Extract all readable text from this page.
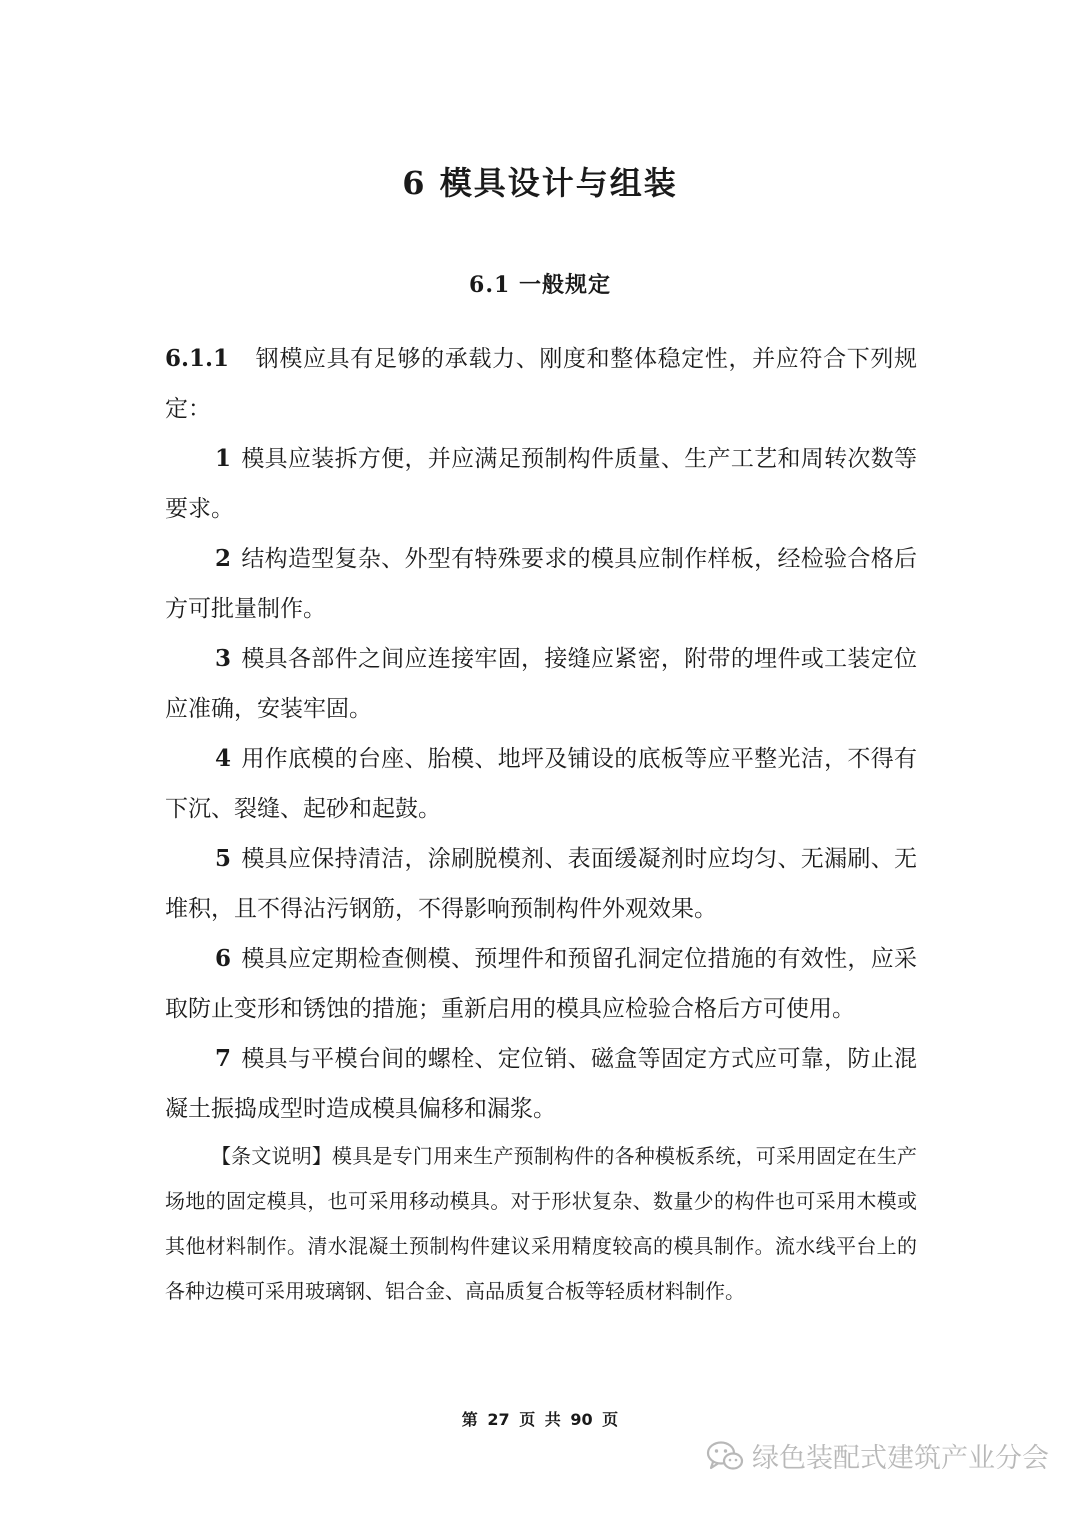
6 模具设计与组装
6.1 一般规定

6.1.1 钢模应具有足够的承载力、刚度和整体稳定性，并应符合下列规定：

1 模具应装拆方便，并应满足预制构件质量、生产工艺和周转次数等要求。

2 结构造型复杂、外型有特殊要求的模具应制作样板，经检验合格后方可批量制作。

3 模具各部件之间应连接牢固，接缝应紧密，附带的埋件或工装定位应准确，安装牢固。

4 用作底模的台座、胎模、地坪及铺设的底板等应平整光洁，不得有下沉、裂缝、起砂和起鼓。

5 模具应保持清洁，涂刷脱模剂、表面缓凝剂时应均匀、无漏刷、无堆积，且不得沾污钢筋，不得影响预制构件外观效果。

6 模具应定期检查侧模、预埋件和预留孔洞定位措施的有效性，应采取防止变形和锈蚀的措施；重新启用的模具应检验合格后方可使用。

7 模具与平模台间的螺栓、定位销、磁盒等固定方式应可靠，防止混凝土振捣成型时造成模具偏移和漏浆。

【条文说明】模具是专门用来生产预制构件的各种模板系统，可采用固定在生产场地的固定模具，也可采用移动模具。对于形状复杂、数量少的构件也可采用木模或其他材料制作。清水混凝土预制构件建议采用精度较高的模具制作。流水线平台上的各种边模可采用玻璃钢、铝合金、高品质复合板等轻质材料制作。

第 27 页 共 90 页
绿色装配式建筑产业分会
